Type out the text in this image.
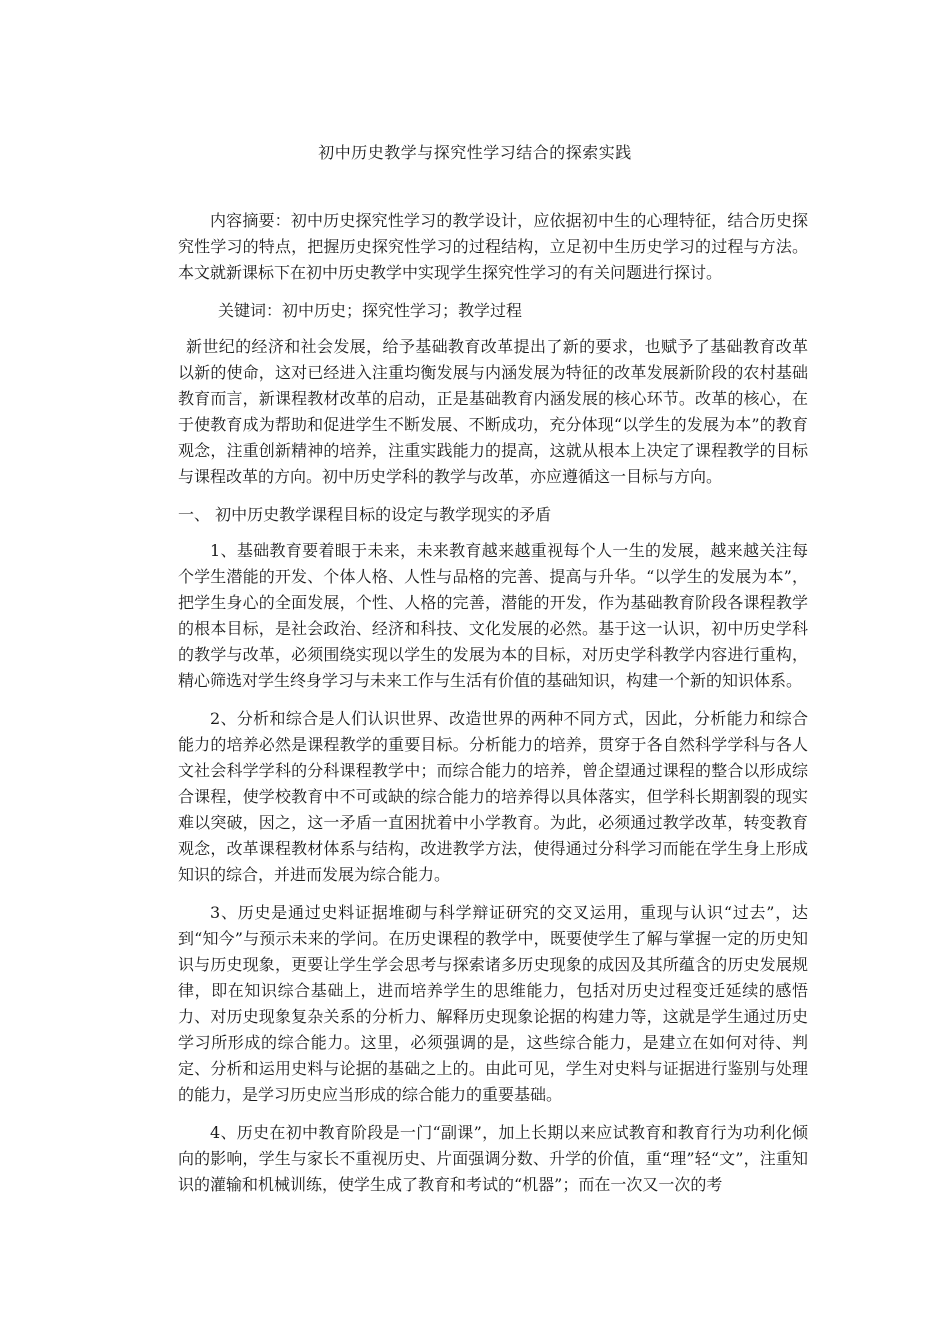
初中历史教学与探究性学习结合的探索实践

内容摘要：初中历史探究性学习的教学设计，应依据初中生的心理特征，结合历史探究性学习的特点，把握历史探究性学习的过程结构，立足初中生历史学习的过程与方法。本文就新课标下在初中历史教学中实现学生探究性学习的有关问题进行探讨。

关键词：初中历史；探究性学习；教学过程

新世纪的经济和社会发展，给予基础教育改革提出了新的要求，也赋予了基础教育改革以新的使命，这对已经进入注重均衡发展与内涵发展为特征的改革发展新阶段的农村基础教育而言，新课程教材改革的启动，正是基础教育内涵发展的核心环节。改革的核心，在于使教育成为帮助和促进学生不断发展、不断成功，充分体现“以学生的发展为本”的教育观念，注重创新精神的培养，注重实践能力的提高，这就从根本上决定了课程教学的目标与课程改革的方向。初中历史学科的教学与改革，亦应遵循这一目标与方向。

一、 初中历史教学课程目标的设定与教学现实的矛盾

1、基础教育要着眼于未来，未来教育越来越重视每个人一生的发展，越来越关注每个学生潜能的开发、个体人格、人性与品格的完善、提高与升华。“以学生的发展为本”，把学生身心的全面发展，个性、人格的完善，潜能的开发，作为基础教育阶段各课程教学的根本目标，是社会政治、经济和科技、文化发展的必然。基于这一认识，初中历史学科的教学与改革，必须围绕实现以学生的发展为本的目标，对历史学科教学内容进行重构，精心筛选对学生终身学习与未来工作与生活有价值的基础知识，构建一个新的知识体系。

2、分析和综合是人们认识世界、改造世界的两种不同方式，因此，分析能力和综合能力的培养必然是课程教学的重要目标。分析能力的培养，贯穿于各自然科学学科与各人文社会科学学科的分科课程教学中；而综合能力的培养，曾企望通过课程的整合以形成综合课程，使学校教育中不可或缺的综合能力的培养得以具体落实，但学科长期割裂的现实难以突破，因之，这一矛盾一直困扰着中小学教育。为此，必须通过教学改革，转变教育观念，改革课程教材体系与结构，改进教学方法，使得通过分科学习而能在学生身上形成知识的综合，并进而发展为综合能力。

3、历史是通过史料证据堆砌与科学辩证研究的交叉运用，重现与认识“过去”，达到“知今”与预示未来的学问。在历史课程的教学中，既要使学生了解与掌握一定的历史知识与历史现象，更要让学生学会思考与探索诸多历史现象的成因及其所蕴含的历史发展规律，即在知识综合基础上，进而培养学生的思维能力，包括对历史过程变迁延续的感悟力、对历史现象复杂关系的分析力、解释历史现象论据的构建力等，这就是学生通过历史学习所形成的综合能力。这里，必须强调的是，这些综合能力，是建立在如何对待、判定、分析和运用史料与论据的基础之上的。由此可见，学生对史料与证据进行鉴别与处理的能力，是学习历史应当形成的综合能力的重要基础。

4、历史在初中教育阶段是一门“副课”，加上长期以来应试教育和教育行为功利化倾向的影响，学生与家长不重视历史、片面强调分数、升学的价值，重“理”轻“文”，注重知识的灌输和机械训练，使学生成了教育和考试的“机器”；而在一次又一次的考
